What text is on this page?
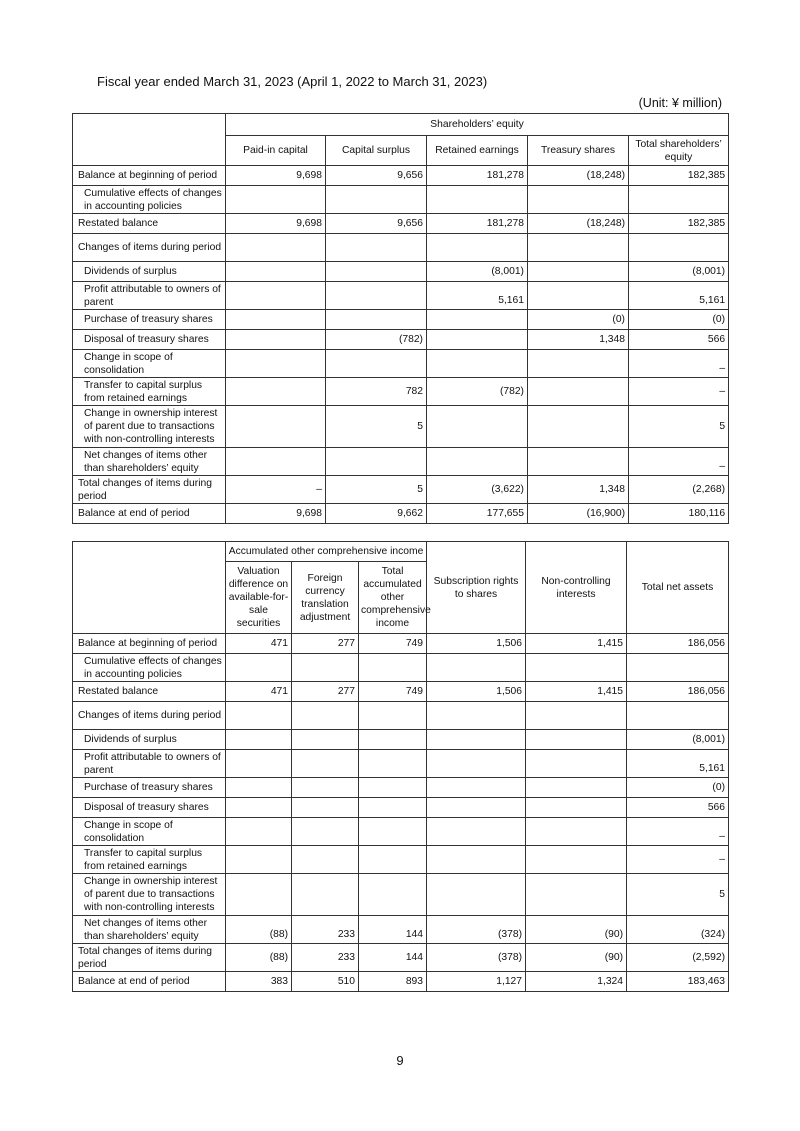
Fiscal year ended March 31, 2023 (April 1, 2022 to March 31, 2023)
(Unit: ¥ million)
	Shareholders’ equity				
	Paid-in capital	Capital surplus	Retained earnings	Treasury shares	Total shareholders’ equity
Balance at beginning of period	9,698	9,656	181,278	(18,248)	182,385
Cumulative effects of changes in accounting policies					
Restated balance	9,698	9,656	181,278	(18,248)	182,385
Changes of items during period					
Dividends of surplus			(8,001)		(8,001)
Profit attributable to owners of parent			5,161		5,161
Purchase of treasury shares				(0)	(0)
Disposal of treasury shares		(782)		1,348	566
Change in scope of consolidation					–
Transfer to capital surplus from retained earnings		782	(782)		–
Change in ownership interest of parent due to transactions with non-controlling interests		5			5
Net changes of items other than shareholders’ equity					–
Total changes of items during period	–	5	(3,622)	1,348	(2,268)
Balance at end of period	9,698	9,662	177,655	(16,900)	180,116
	Accumulated other comprehensive income			Subscription rights to shares	Non-controlling interests	Total net assets
	Valuation difference on available-for-sale securities	Foreign currency translation adjustment	Total accumulated other comprehensive income			
Balance at beginning of period	471	277	749	1,506	1,415	186,056
Cumulative effects of changes in accounting policies						
Restated balance	471	277	749	1,506	1,415	186,056
Changes of items during period						
Dividends of surplus						(8,001)
Profit attributable to owners of parent						5,161
Purchase of treasury shares						(0)
Disposal of treasury shares						566
Change in scope of consolidation						–
Transfer to capital surplus from retained earnings						–
Change in ownership interest of parent due to transactions with non-controlling interests						5
Net changes of items other than shareholders’ equity	(88)	233	144	(378)	(90)	(324)
Total changes of items during period	(88)	233	144	(378)	(90)	(2,592)
Balance at end of period	383	510	893	1,127	1,324	183,463
9
